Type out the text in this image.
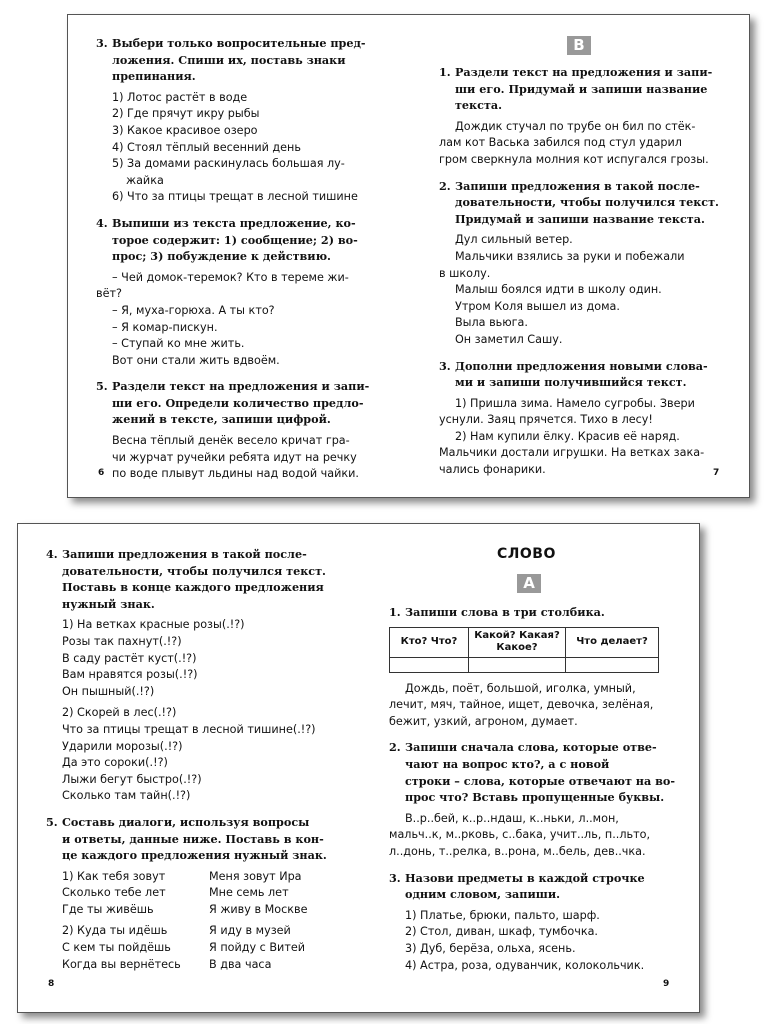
3. Выбери только вопросительные пред-
ложения. Спиши их, поставь знаки
препинания.
1) Лотос растёт в воде
2) Где прячут икру рыбы
3) Какое красивое озеро
4) Стоял тёплый весенний день
5) За домами раскинулась большая лу-
жайка
6) Что за птицы трещат в лесной тишине
4. Выпиши из текста предложение, ко-
торое содержит: 1) сообщение; 2) во-
прос; 3) побуждение к действию.
– Чей домок-теремок? Кто в тереме жи-
вёт?
– Я, муха-горюха. А ты кто?
– Я комар-пискун.
– Ступай ко мне жить.
Вот они стали жить вдвоём.
5. Раздели текст на предложения и запи-
ши его. Определи количество предло-
жений в тексте, запиши цифрой.
Весна тёплый денёк весело кричат гра-
чи журчат ручейки ребята идут на речку
по воде плывут льдины над водой чайки.
6
В
1. Раздели текст на предложения и запи-
ши его. Придумай и запиши название
текста.
Дождик стучал по трубе он бил по стёк-
лам кот Васька забился под стул ударил
гром сверкнула молния кот испугался грозы.
2. Запиши предложения в такой после-
довательности, чтобы получился текст.
Придумай и запиши название текста.
Дул сильный ветер.
Мальчики взялись за руки и побежали
в школу.
Малыш боялся идти в школу один.
Утром Коля вышел из дома.
Выла вьюга.
Он заметил Сашу.
3. Дополни предложения новыми слова-
ми и запиши получившийся текст.
1) Пришла зима. Намело сугробы. Звери
уснули. Заяц прячется. Тихо в лесу!
2) Нам купили ёлку. Красив её наряд.
Мальчики достали игрушки. На ветках зака-
чались фонарики.	7
4. Запиши предложения в такой после-
довательности, чтобы получился текст.
Поставь в конце каждого предложения
нужный знак.
1) На ветках красные розы(.!?)
Розы так пахнут(.!?)
В саду растёт куст(.!?)
Вам нравятся розы(.!?)
Он пышный(.!?)
2) Скорей в лес(.!?)
Что за птицы трещат в лесной тишине(.!?)
Ударили морозы(.!?)
Да это сороки(.!?)
Лыжи бегут быстро(.!?)
Сколько там тайн(.!?)
5. Составь диалоги, используя вопросы
и ответы, данные ниже. Поставь в кон-
це каждого предложения нужный знак.
1) Как тебя зовут	Меня зовут Ира
Сколько тебе лет	Мне семь лет
Где ты живёшь	Я живу в Москве
2) Куда ты идёшь	Я иду в музей
С кем ты пойдёшь	Я пойду с Витей
Когда вы вернётесь	В два часа
8
СЛОВО
А
1. Запиши слова в три столбика.
Кто? Что?	Какой? Какая? Какое?	Что делает?

Дождь, поёт, большой, иголка, умный,
лечит, мяч, тайное, ищет, девочка, зелёная,
бежит, узкий, агроном, думает.
2. Запиши сначала слова, которые отве-
чают на вопрос кто?, а с новой
строки – слова, которые отвечают на во-
прос что? Вставь пропущенные буквы.
В..р..бей, к..р..ндаш, к..ньки, л..мон,
мальч..к, м..рковь, с..бака, учит..ль, п..льто,
л..донь, т..релка, в..рона, м..бель, дев..чка.
3. Назови предметы в каждой строчке
одним словом, запиши.
1) Платье, брюки, пальто, шарф.
2) Стол, диван, шкаф, тумбочка.
3) Дуб, берёза, ольха, ясень.
4) Астра, роза, одуванчик, колокольчик.
9
